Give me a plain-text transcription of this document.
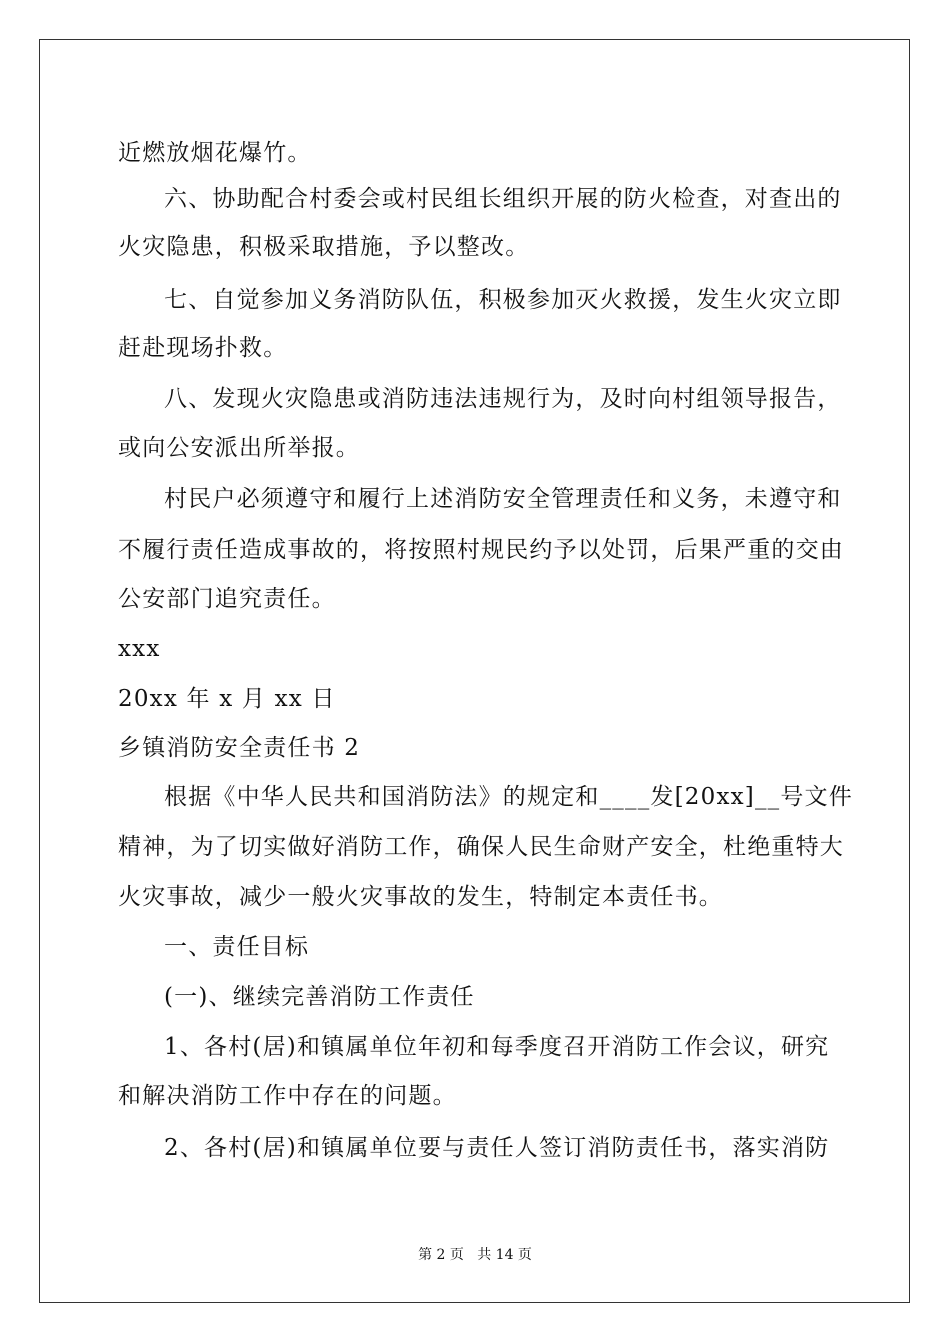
近燃放烟花爆竹。
六、协助配合村委会或村民组长组织开展的防火检查，对查出的
火灾隐患，积极采取措施，予以整改。
七、自觉参加义务消防队伍，积极参加灭火救援，发生火灾立即
赶赴现场扑救。
八、发现火灾隐患或消防违法违规行为，及时向村组领导报告，
或向公安派出所举报。
村民户必须遵守和履行上述消防安全管理责任和义务，未遵守和
不履行责任造成事故的，将按照村规民约予以处罚，后果严重的交由
公安部门追究责任。
xxx
20xx 年 x 月 xx 日
乡镇消防安全责任书 2
根据《中华人民共和国消防法》的规定和____发[20xx]__号文件
精神，为了切实做好消防工作，确保人民生命财产安全，杜绝重特大
火灾事故，减少一般火灾事故的发生，特制定本责任书。
一、责任目标
(一)、继续完善消防工作责任
1、各村(居)和镇属单位年初和每季度召开消防工作会议，研究
和解决消防工作中存在的问题。
2、各村(居)和镇属单位要与责任人签订消防责任书，落实消防
第 2 页   共 14 页
